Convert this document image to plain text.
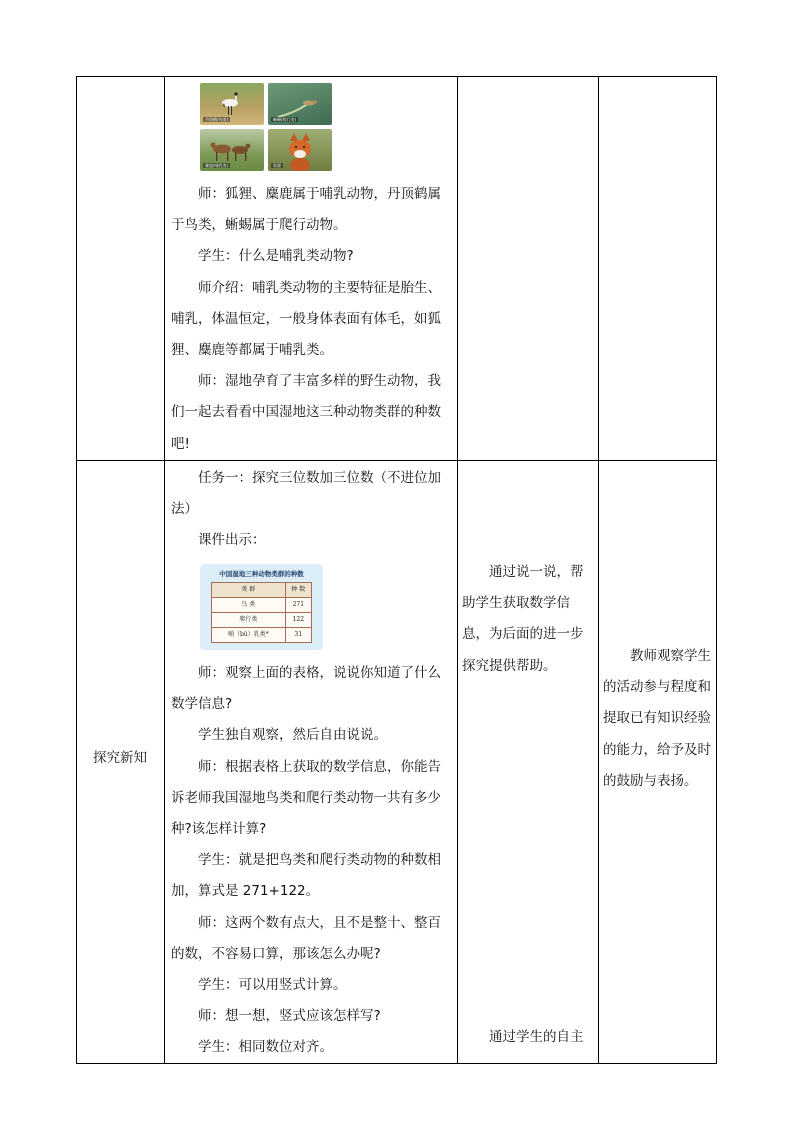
丹顶鹤(鸟类)	蜥蜴(爬行类)
麋鹿(哺乳类)	狐狸

师：狐狸、麋鹿属于哺乳动物，丹顶鹤属于鸟类，蜥蜴属于爬行动物。

学生：什么是哺乳类动物?

师介绍：哺乳类动物的主要特征是胎生、哺乳，体温恒定，一般身体表面有体毛，如狐狸、麋鹿等都属于哺乳类。

师：湿地孕育了丰富多样的野生动物，我们一起去看看中国湿地这三种动物类群的种数吧!

探究新知

任务一：探究三位数加三位数（不进位加法）

课件出示：

中国湿地三种动物类群的种数
类 群	种 数
鸟 类	271
爬行类	122
哺（bǔ）乳类*	31

师：观察上面的表格，说说你知道了什么数学信息?

学生独自观察，然后自由说说。

师：根据表格上获取的数学信息，你能告诉老师我国湿地鸟类和爬行类动物一共有多少种?该怎样计算?

学生：就是把鸟类和爬行类动物的种数相加，算式是 271+122。

师：这两个数有点大，且不是整十、整百的数，不容易口算，那该怎么办呢?

学生：可以用竖式计算。

师：想一想，竖式应该怎样写?

学生：相同数位对齐。

通过说一说，帮助学生获取数学信息，为后面的进一步探究提供帮助。

通过学生的自主

教师观察学生的活动参与程度和提取已有知识经验的能力，给予及时的鼓励与表扬。
